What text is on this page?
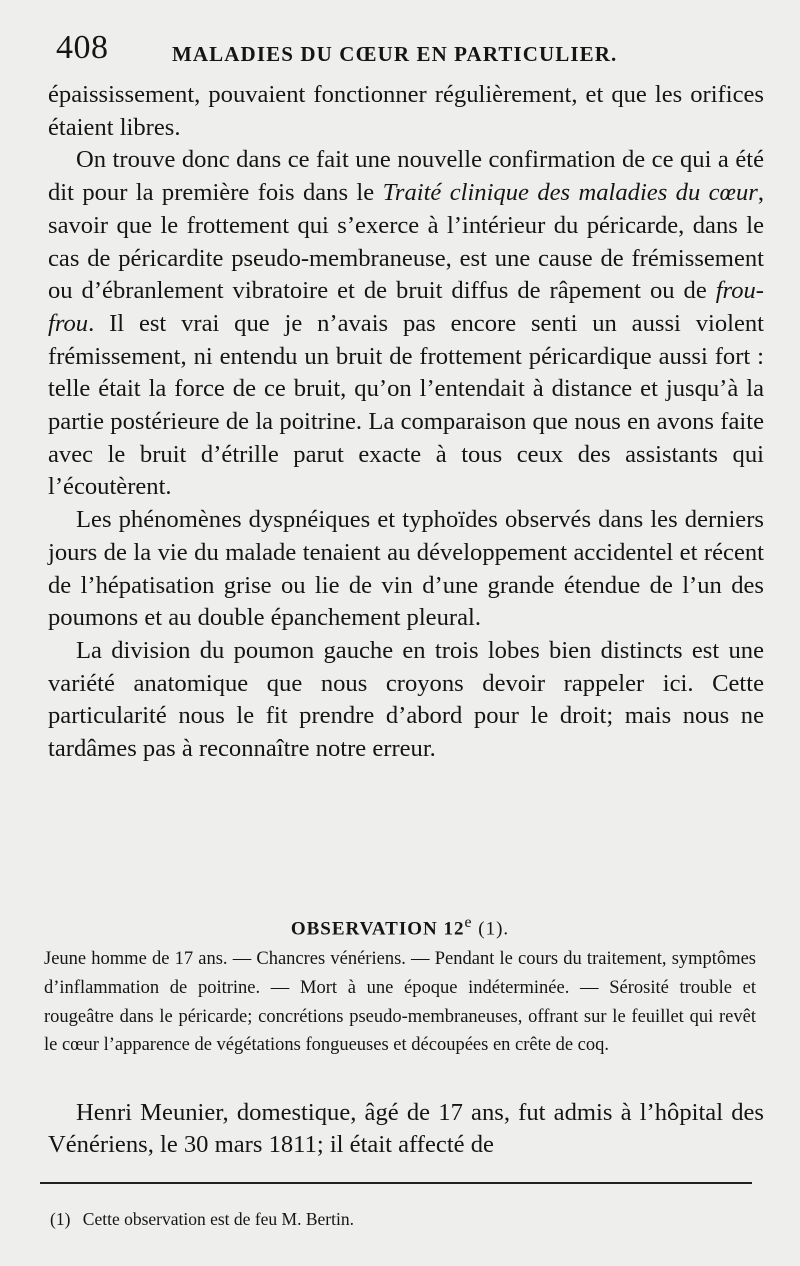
408	MALADIES DU CŒUR EN PARTICULIER.

épaississement, pouvaient fonctionner régulièrement, et que les orifices étaient libres.

On trouve donc dans ce fait une nouvelle confirmation de ce qui a été dit pour la première fois dans le Traité clinique des maladies du cœur, savoir que le frottement qui s’exerce à l’intérieur du péricarde, dans le cas de péricardite pseudo-membraneuse, est une cause de frémissement ou d’ébranlement vibratoire et de bruit diffus de râpement ou de frou-frou. Il est vrai que je n’avais pas encore senti un aussi violent frémissement, ni entendu un bruit de frottement péricardique aussi fort : telle était la force de ce bruit, qu’on l’entendait à distance et jusqu’à la partie postérieure de la poitrine. La comparaison que nous en avons faite avec le bruit d’étrille parut exacte à tous ceux des assistants qui l’écoutèrent.

Les phénomènes dyspnéiques et typhoïdes observés dans les derniers jours de la vie du malade tenaient au développement accidentel et récent de l’hépatisation grise ou lie de vin d’une grande étendue de l’un des poumons et au double épanchement pleural.

La division du poumon gauche en trois lobes bien distincts est une variété anatomique que nous croyons devoir rappeler ici. Cette particularité nous le fit prendre d’abord pour le droit; mais nous ne tardâmes pas à reconnaître notre erreur.

OBSERVATION 12e (1).

Jeune homme de 17 ans. — Chancres vénériens. — Pendant le cours du traitement, symptômes d’inflammation de poitrine. — Mort à une époque indéterminée. — Sérosité trouble et rougeâtre dans le péricarde; concrétions pseudo-membraneuses, offrant sur le feuillet qui revêt le cœur l’apparence de végétations fongueuses et découpées en crête de coq.

Henri Meunier, domestique, âgé de 17 ans, fut admis à l’hôpital des Vénériens, le 30 mars 1811; il était affecté de

(1) Cette observation est de feu M. Bertin.
